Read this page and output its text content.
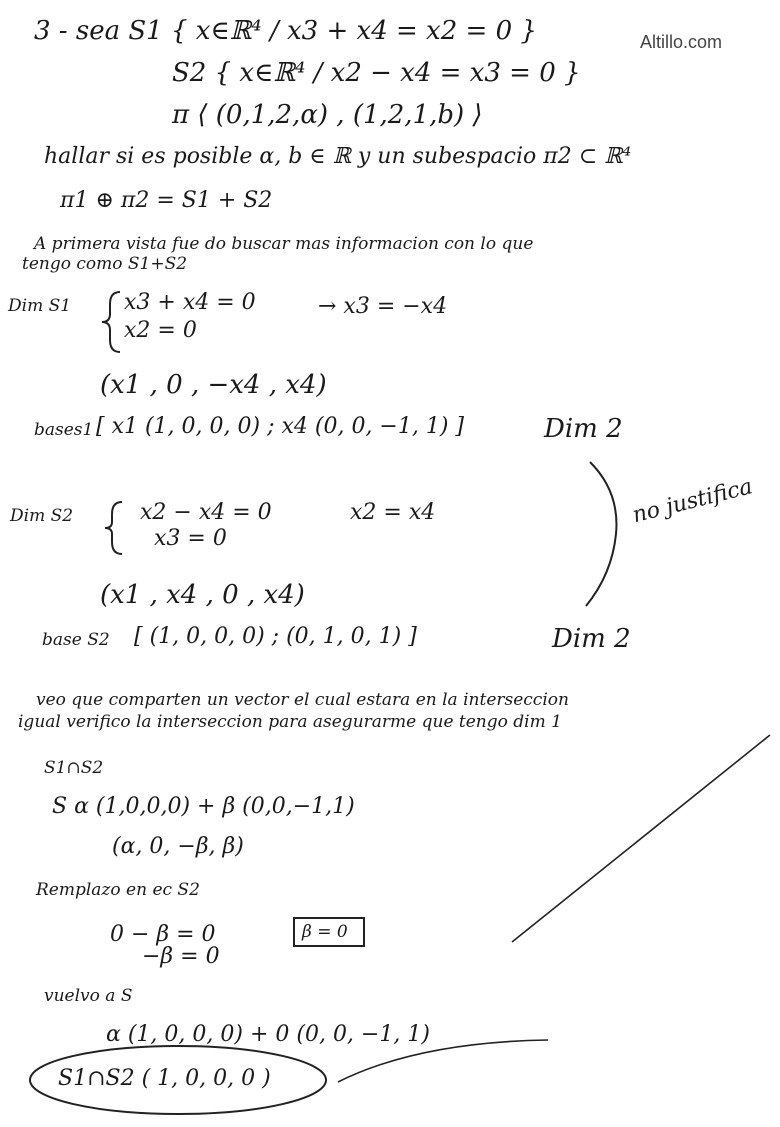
Altillo.com
3 - sea S1 { x∈ℝ⁴ / x3 + x4 = x2 = 0 }
S2 { x∈ℝ⁴ / x2 − x4 = x3 = 0 }
π ⟨ (0,1,2,α) , (1,2,1,b) ⟩
hallar si es posible α, b ∈ ℝ y un subespacio π2 ⊂ ℝ⁴
π1 ⊕ π2 = S1 + S2
A primera vista fue do buscar mas informacion con lo que
tengo como S1+S2
Dim S1 x3 + x4 = 0
x2 = 0
→ x3 = −x4
(x1 , 0 , −x4 , x4)
bases1 [ x1 (1, 0, 0, 0) ; x4 (0, 0, −1, 1) ]	Dim 2
Dim S2	x2 − x4 = 0
x3 = 0
x2 = x4	no justifica
(x1 , x4 , 0 , x4)
base S2 [ (1, 0, 0, 0) ; (0, 1, 0, 1) ]	Dim 2
veo que comparten un vector el cual estara en la interseccion
igual verifico la interseccion para asegurarme que tengo dim 1
S1∩S2
S α (1,0,0,0) + β (0,0,−1,1)
(α, 0, −β, β)
Remplazo en ec S2
0 − β = 0
−β = 0
β = 0
vuelvo a S
α (1, 0, 0, 0) + 0 (0, 0, −1, 1)
S1∩S2 ( 1, 0, 0, 0 )
